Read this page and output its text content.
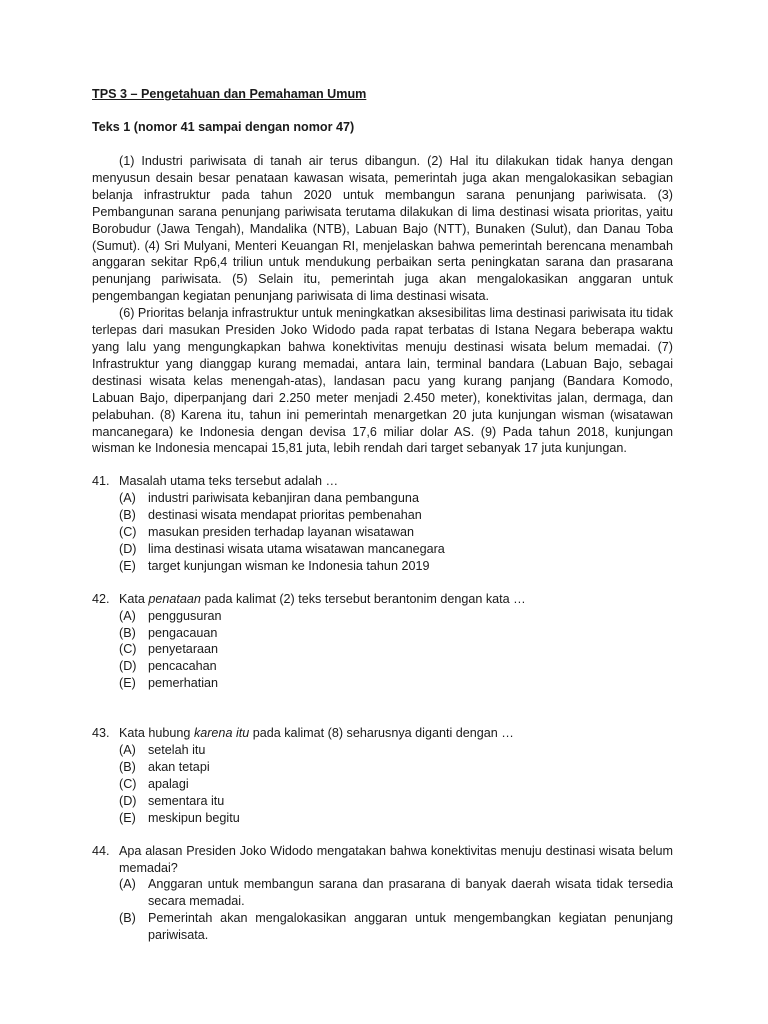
TPS 3 – Pengetahuan dan Pemahaman Umum
Teks 1 (nomor 41 sampai dengan nomor 47)

(1) Industri pariwisata di tanah air terus dibangun. (2) Hal itu dilakukan tidak hanya dengan menyusun desain besar penataan kawasan wisata, pemerintah juga akan mengalokasikan sebagian belanja infrastruktur pada tahun 2020 untuk membangun sarana penunjang pariwisata. (3) Pembangunan sarana penunjang pariwisata terutama dilakukan di lima destinasi wisata prioritas, yaitu Borobudur (Jawa Tengah), Mandalika (NTB), Labuan Bajo (NTT), Bunaken (Sulut), dan Danau Toba (Sumut). (4) Sri Mulyani, Menteri Keuangan RI, menjelaskan bahwa pemerintah berencana menambah anggaran sekitar Rp6,4 triliun untuk mendukung perbaikan serta peningkatan sarana dan prasarana penunjang pariwisata. (5) Selain itu, pemerintah juga akan mengalokasikan anggaran untuk pengembangan kegiatan penunjang pariwisata di lima destinasi wisata.

(6) Prioritas belanja infrastruktur untuk meningkatkan aksesibilitas lima destinasi pariwisata itu tidak terlepas dari masukan Presiden Joko Widodo pada rapat terbatas di Istana Negara beberapa waktu yang lalu yang mengungkapkan bahwa konektivitas menuju destinasi wisata belum memadai. (7) Infrastruktur yang dianggap kurang memadai, antara lain, terminal bandara (Labuan Bajo, sebagai destinasi wisata kelas menengah-atas), landasan pacu yang kurang panjang (Bandara Komodo, Labuan Bajo, diperpanjang dari 2.250 meter menjadi 2.450 meter), konektivitas jalan, dermaga, dan pelabuhan. (8) Karena itu, tahun ini pemerintah menargetkan 20 juta kunjungan wisman (wisatawan mancanegara) ke Indonesia dengan devisa 17,6 miliar dolar AS. (9) Pada tahun 2018, kunjungan wisman ke Indonesia mencapai 15,81 juta, lebih rendah dari target sebanyak 17 juta kunjungan.

41. Masalah utama teks tersebut adalah …
(A) industri pariwisata kebanjiran dana pembanguna
(B) destinasi wisata mendapat prioritas pembenahan
(C) masukan presiden terhadap layanan wisatawan
(D) lima destinasi wisata utama wisatawan mancanegara
(E) target kunjungan wisman ke Indonesia tahun 2019
42. Kata penataan pada kalimat (2) teks tersebut berantonim dengan kata …
(A) penggusuran
(B) pengacauan
(C) penyetaraan
(D) pencacahan
(E) pemerhatian
43. Kata hubung karena itu pada kalimat (8) seharusnya diganti dengan …
(A) setelah itu
(B) akan tetapi
(C) apalagi
(D) sementara itu
(E) meskipun begitu
44. Apa alasan Presiden Joko Widodo mengatakan bahwa konektivitas menuju destinasi wisata belum memadai?
(A) Anggaran untuk membangun sarana dan prasarana di banyak daerah wisata tidak tersedia secara memadai.
(B) Pemerintah akan mengalokasikan anggaran untuk mengembangkan kegiatan penunjang pariwisata.
